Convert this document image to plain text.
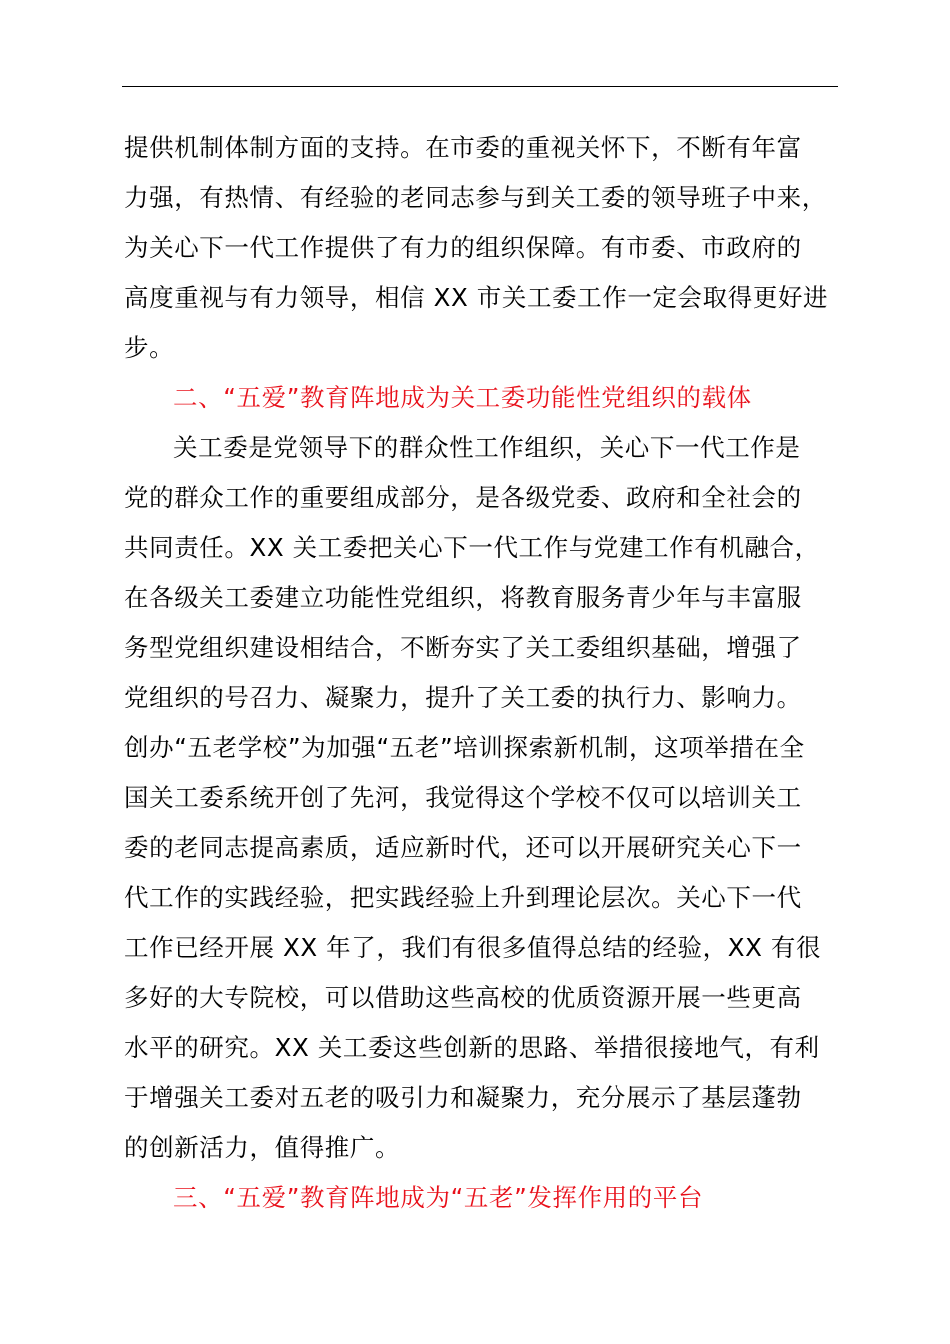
提供机制体制方面的支持。在市委的重视关怀下，不断有年富
力强，有热情、有经验的老同志参与到关工委的领导班子中来，
为关心下一代工作提供了有力的组织保障。有市委、市政府的
高度重视与有力领导，相信 XX 市关工委工作一定会取得更好进
步。
二、“五爱”教育阵地成为关工委功能性党组织的载体
关工委是党领导下的群众性工作组织，关心下一代工作是
党的群众工作的重要组成部分，是各级党委、政府和全社会的
共同责任。XX 关工委把关心下一代工作与党建工作有机融合，
在各级关工委建立功能性党组织，将教育服务青少年与丰富服
务型党组织建设相结合，不断夯实了关工委组织基础，增强了
党组织的号召力、凝聚力，提升了关工委的执行力、影响力。
创办“五老学校”为加强“五老”培训探索新机制，这项举措在全
国关工委系统开创了先河，我觉得这个学校不仅可以培训关工
委的老同志提高素质，适应新时代，还可以开展研究关心下一
代工作的实践经验，把实践经验上升到理论层次。关心下一代
工作已经开展 XX 年了，我们有很多值得总结的经验，XX 有很
多好的大专院校，可以借助这些高校的优质资源开展一些更高
水平的研究。XX 关工委这些创新的思路、举措很接地气，有利
于增强关工委对五老的吸引力和凝聚力，充分展示了基层蓬勃
的创新活力，值得推广。
三、“五爱”教育阵地成为“五老”发挥作用的平台
